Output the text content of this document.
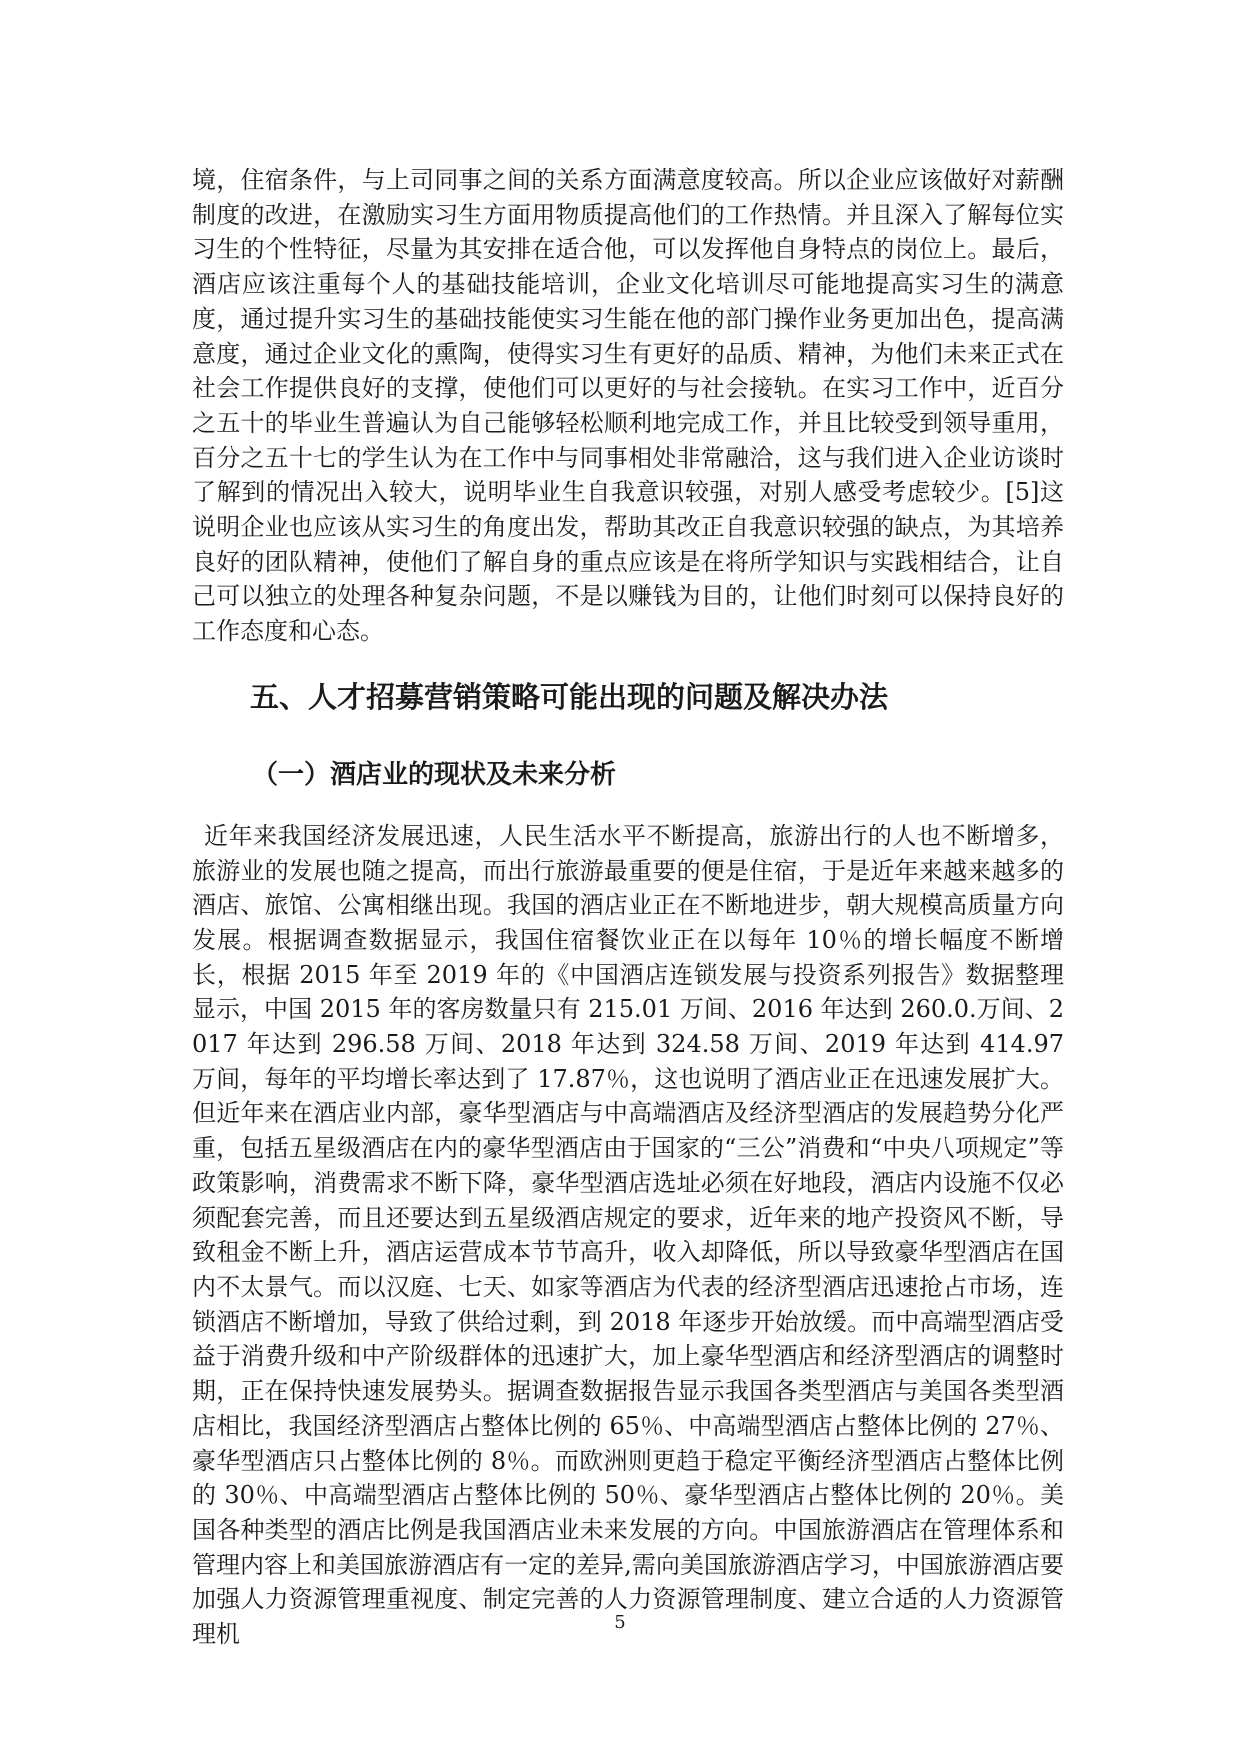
境，住宿条件，与上司同事之间的关系方面满意度较高。所以企业应该做好对薪酬制度的改进，在激励实习生方面用物质提高他们的工作热情。并且深入了解每位实习生的个性特征，尽量为其安排在适合他，可以发挥他自身特点的岗位上。最后，酒店应该注重每个人的基础技能培训，企业文化培训尽可能地提高实习生的满意度，通过提升实习生的基础技能使实习生能在他的部门操作业务更加出色，提高满意度，通过企业文化的熏陶，使得实习生有更好的品质、精神，为他们未来正式在社会工作提供良好的支撑，使他们可以更好的与社会接轨。在实习工作中，近百分之五十的毕业生普遍认为自己能够轻松顺利地完成工作，并且比较受到领导重用，百分之五十七的学生认为在工作中与同事相处非常融洽，这与我们进入企业访谈时了解到的情况出入较大，说明毕业生自我意识较强，对别人感受考虑较少。[5]这说明企业也应该从实习生的角度出发，帮助其改正自我意识较强的缺点，为其培养良好的团队精神，使他们了解自身的重点应该是在将所学知识与实践相结合，让自己可以独立的处理各种复杂问题，不是以赚钱为目的，让他们时刻可以保持良好的工作态度和心态。

五、人才招募营销策略可能出现的问题及解决办法
（一）酒店业的现状及未来分析

近年来我国经济发展迅速，人民生活水平不断提高，旅游出行的人也不断增多，旅游业的发展也随之提高，而出行旅游最重要的便是住宿，于是近年来越来越多的酒店、旅馆、公寓相继出现。我国的酒店业正在不断地进步，朝大规模高质量方向发展。根据调查数据显示，我国住宿餐饮业正在以每年 10％的增长幅度不断增长，根据 2015 年至 2019 年的《中国酒店连锁发展与投资系列报告》数据整理显示，中国 2015 年的客房数量只有 215.01 万间、2016 年达到 260.0.万间、2017 年达到 296.58 万间、2018 年达到 324.58 万间、2019 年达到 414.97 万间，每年的平均增长率达到了 17.87％，这也说明了酒店业正在迅速发展扩大。但近年来在酒店业内部，豪华型酒店与中高端酒店及经济型酒店的发展趋势分化严重，包括五星级酒店在内的豪华型酒店由于国家的“三公”消费和“中央八项规定”等政策影响，消费需求不断下降，豪华型酒店选址必须在好地段，酒店内设施不仅必须配套完善，而且还要达到五星级酒店规定的要求，近年来的地产投资风不断，导致租金不断上升，酒店运营成本节节高升，收入却降低，所以导致豪华型酒店在国内不太景气。而以汉庭、七天、如家等酒店为代表的经济型酒店迅速抢占市场，连锁酒店不断增加，导致了供给过剩，到 2018 年逐步开始放缓。而中高端型酒店受益于消费升级和中产阶级群体的迅速扩大，加上豪华型酒店和经济型酒店的调整时期，正在保持快速发展势头。据调查数据报告显示我国各类型酒店与美国各类型酒店相比，我国经济型酒店占整体比例的 65％、中高端型酒店占整体比例的 27％、豪华型酒店只占整体比例的 8％。而欧洲则更趋于稳定平衡经济型酒店占整体比例的 30％、中高端型酒店占整体比例的 50％、豪华型酒店占整体比例的 20％。美国各种类型的酒店比例是我国酒店业未来发展的方向。中国旅游酒店在管理体系和管理内容上和美国旅游酒店有一定的差异,需向美国旅游酒店学习，中国旅游酒店要加强人力资源管理重视度、制定完善的人力资源管理制度、建立合适的人力资源管理机	5
